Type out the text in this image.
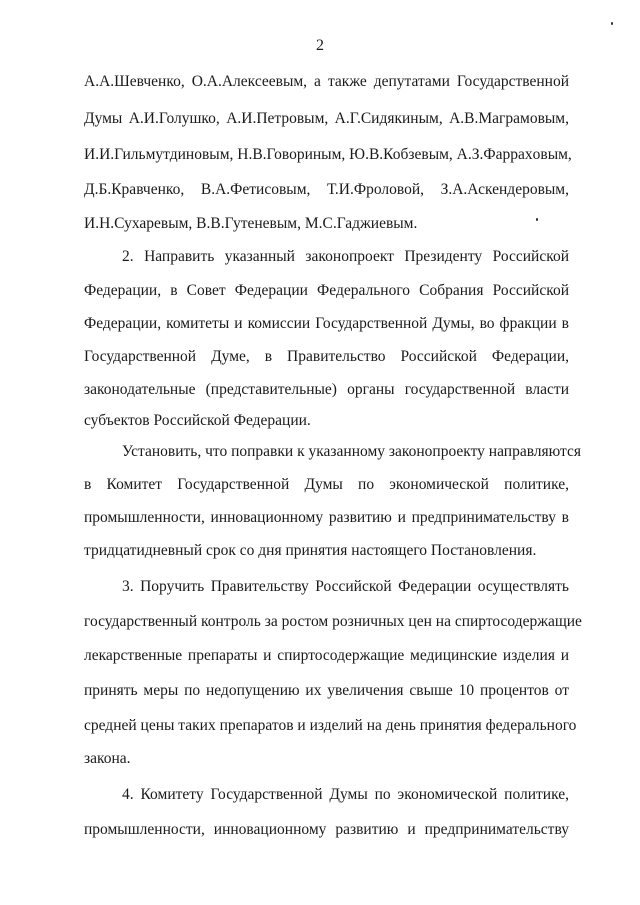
2
А.А.Шевченко, О.А.Алексеевым, а также депутатами Государственной
Думы А.И.Голушко, А.И.Петровым, А.Г.Сидякиным, А.В.Маграмовым,
И.И.Гильмутдиновым, Н.В.Говориным, Ю.В.Кобзевым, А.З.Фаррахoвым,
Д.Б.Кравченко, В.А.Фетисовым, Т.И.Фроловой, З.А.Аскендеровым,
И.Н.Сухаревым, В.В.Гутеневым, М.С.Гаджиевым.
2. Направить указанный законопроект Президенту Российской
Федерации, в Совет Федерации Федерального Собрания Российской
Федерации, комитеты и комиссии Государственной Думы, во фракции в
Государственной Думе, в Правительство Российской Федерации,
законодательные (представительные) органы государственной власти
субъектов Российской Федерации.
Установить, что поправки к указанному законопроекту направляются
в Комитет Государственной Думы по экономической политике,
промышленности, инновационному развитию и предпринимательству в
тридцатидневный срок со дня принятия настоящего Постановления.
3. Поручить Правительству Российской Федерации осуществлять
государственный контроль за ростом розничных цен на спиртосодержащие
лекарственные препараты и спиртосодержащие медицинские изделия и
принять меры по недопущению их увеличения свыше 10 процентов от
средней цены таких препаратов и изделий на день принятия федерального
закона.
4. Комитету Государственной Думы по экономической политике,
промышленности, инновационному развитию и предпринимательству
